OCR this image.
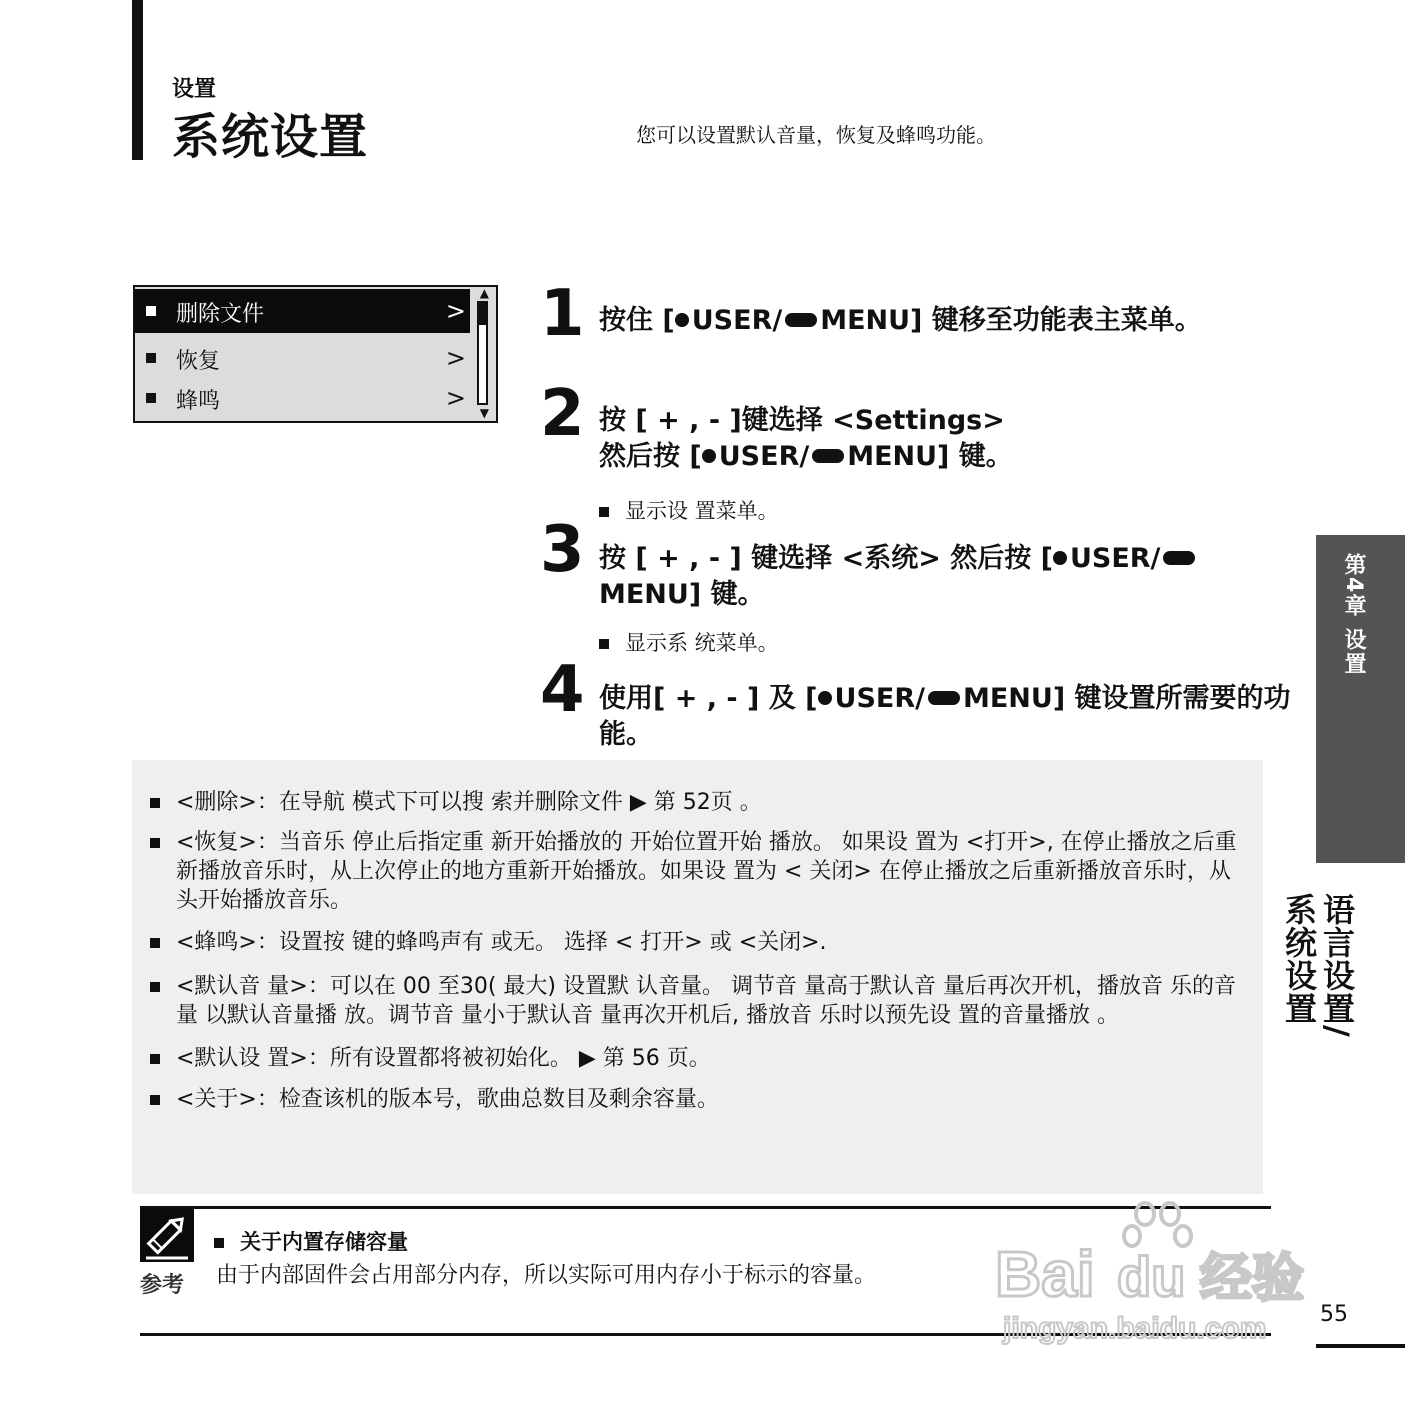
设置
系统设置	您可以设置默认音量，恢复及蜂鸣功能。
删除文件	>
恢复	>
蜂鸣	>
▲
▼
1 按住 [ USER/ MENU] 键移至功能表主菜单。
2 按 [ + , - ]键选择 <Settings>
然后按 [ USER/ MENU] 键。
显示设 置菜单。
3 按 [ + , - ] 键选择 <系统> 然后按 [ USER/
MENU] 键。
显示系 统菜单。
4 使用[ + , - ] 及 [ USER/ MENU] 键设置所需要的功
能。
<删除>：在导航 模式下可以搜 索并删除文件 ▶ 第 52页 。
<恢复>：当音乐 停止后指定重 新开始播放的 开始位置开始 播放。 如果设 置为 <打开>, 在停止播放之后重新播放音乐时，从上次停止的地方重新开始播放。如果设 置为 < 关闭> 在停止播放之后重新播放音乐时，从头开始播放音乐。
<蜂鸣>：设置按 键的蜂鸣声有 或无。 选择 < 打开> 或 <关闭>.
<默认音 量>：可以在 00 至30( 最大) 设置默 认音量。 调节音 量高于默认音 量后再次开机，播放音 乐的音量 以默认音量播 放。调节音 量小于默认音 量再次开机后, 播放音 乐时以预先设 置的音量播放 。
<默认设 置>：所有设置都将被初始化。 ▶ 第 56 页。
<关于>：检查该机的版本号，歌曲总数目及剩余容量。
第4章 设置
语言设置/
系统设置
参考
关于内置存储容量
由于内部固件会占用部分内存，所以实际可用内存小于标示的容量。
55
Bai du 经验
jingyan.baidu.com
